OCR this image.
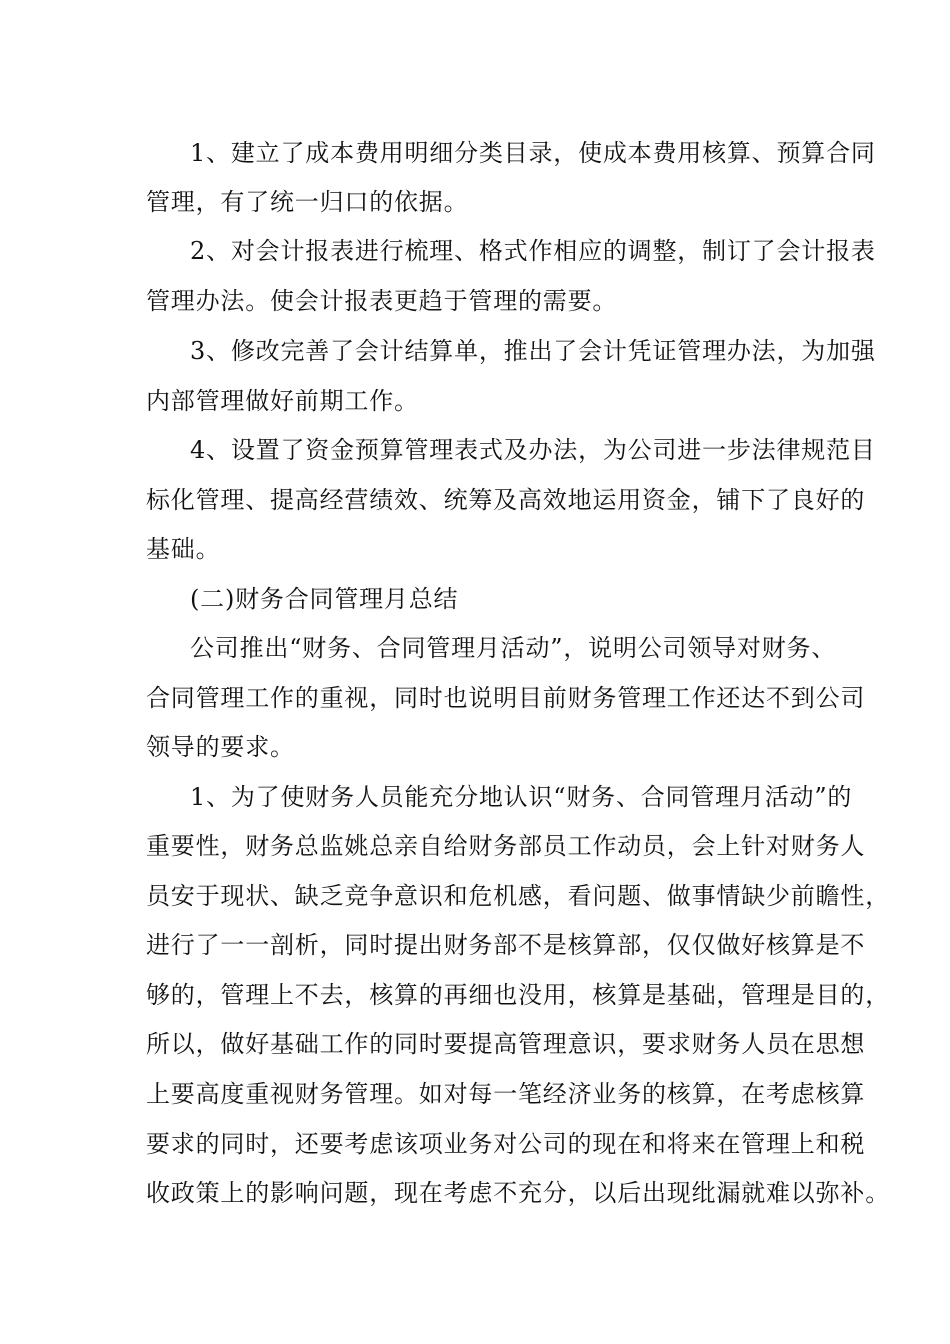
1、建立了成本费用明细分类目录，使成本费用核算、预算合同
管理，有了统一归口的依据。
2、对会计报表进行梳理、格式作相应的调整，制订了会计报表
管理办法。使会计报表更趋于管理的需要。
3、修改完善了会计结算单，推出了会计凭证管理办法，为加强
内部管理做好前期工作。
4、设置了资金预算管理表式及办法，为公司进一步法律规范目
标化管理、提高经营绩效、统筹及高效地运用资金，铺下了良好的
基础。
(二)财务合同管理月总结
公司推出“财务、合同管理月活动”，说明公司领导对财务、
合同管理工作的重视，同时也说明目前财务管理工作还达不到公司
领导的要求。
1、为了使财务人员能充分地认识“财务、合同管理月活动”的
重要性，财务总监姚总亲自给财务部员工作动员，会上针对财务人
员安于现状、缺乏竞争意识和危机感，看问题、做事情缺少前瞻性，
进行了一一剖析，同时提出财务部不是核算部，仅仅做好核算是不
够的，管理上不去，核算的再细也没用，核算是基础，管理是目的，
所以，做好基础工作的同时要提高管理意识，要求财务人员在思想
上要高度重视财务管理。如对每一笔经济业务的核算，在考虑核算
要求的同时，还要考虑该项业务对公司的现在和将来在管理上和税
收政策上的影响问题，现在考虑不充分，以后出现纰漏就难以弥补。
